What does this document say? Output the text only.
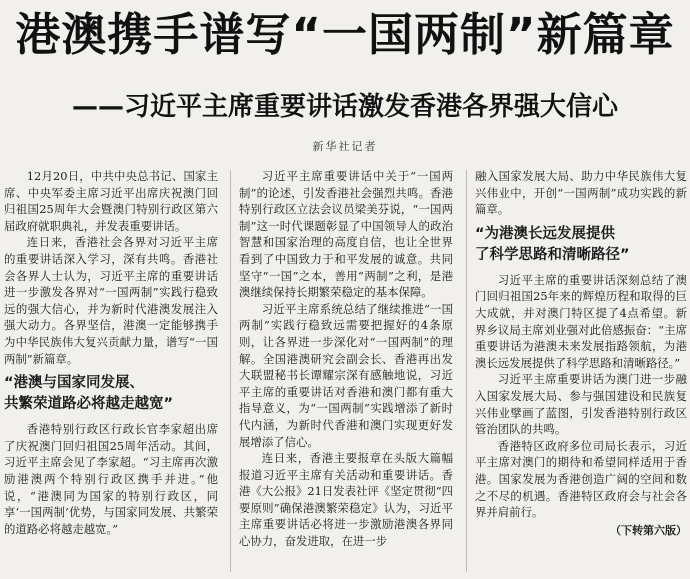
港澳携手谱写“一国两制”新篇章
——习近平主席重要讲话激发香港各界强大信心
新华社记者

12月20日，中共中央总书记、国家主席、中央军委主席习近平出席庆祝澳门回归祖国25周年大会暨澳门特别行政区第六届政府就职典礼，并发表重要讲话。

连日来，香港社会各界对习近平主席的重要讲话深入学习，深有共鸣。香港社会各界人士认为，习近平主席的重要讲话进一步激发各界对“一国两制”实践行稳致远的强大信心，并为新时代港澳发展注入强大动力。各界坚信，港澳一定能够携手为中华民族伟大复兴贡献力量，谱写“一国两制”新篇章。

“港澳与国家同发展、
共繁荣道路必将越走越宽”

香港特别行政区行政长官李家超出席了庆祝澳门回归祖国25周年活动。其间，习近平主席会见了李家超。“习主席再次激励港澳两个特别行政区携手并进。”他说，“港澳同为国家的特别行政区，同享‘一国两制’优势，与国家同发展、共繁荣的道路必将越走越宽。”

习近平主席重要讲话中关于“一国两制”的论述，引发香港社会强烈共鸣。香港特别行政区立法会议员梁美芬说，“一国两制”这一时代课题彰显了中国领导人的政治智慧和国家治理的高度自信，也让全世界看到了中国致力于和平发展的诚意。共同坚守“一国”之本，善用“两制”之利，是港澳继续保持长期繁荣稳定的基本保障。

习近平主席系统总结了继续推进“一国两制”实践行稳致远需要把握好的4条原则，让各界进一步深化对“一国两制”的理解。全国港澳研究会副会长、香港再出发大联盟秘书长谭耀宗深有感触地说，习近平主席的重要讲话对香港和澳门都有重大指导意义，为“一国两制”实践增添了新时代内涵，为新时代香港和澳门实现更好发展增添了信心。

连日来，香港主要报章在头版大篇幅报道习近平主席有关活动和重要讲话。香港《大公报》21日发表社评《坚定贯彻“四要原则”确保港澳繁荣稳定》认为，习近平主席重要讲话必将进一步激励港澳各界同心协力，奋发进取，在进一步

融入国家发展大局、助力中华民族伟大复兴伟业中，开创“一国两制”成功实践的新篇章。

“为港澳长远发展提供
了科学思路和清晰路径”

习近平主席的重要讲话深刻总结了澳门回归祖国25年来的辉煌历程和取得的巨大成就，并对澳门特区提了4点希望。新界乡议局主席刘业强对此倍感振奋：“主席重要讲话为港澳未来发展指路领航，为港澳长远发展提供了科学思路和清晰路径。”

习近平主席重要讲话为澳门进一步融入国家发展大局、参与强国建设和民族复兴伟业擘画了蓝图，引发香港特别行政区管治团队的共鸣。

香港特区政府多位司局长表示，习近平主席对澳门的期待和希望同样适用于香港。国家发展为香港创造广阔的空间和数之不尽的机遇。香港特区政府会与社会各界并肩前行。

（下转第六版）
